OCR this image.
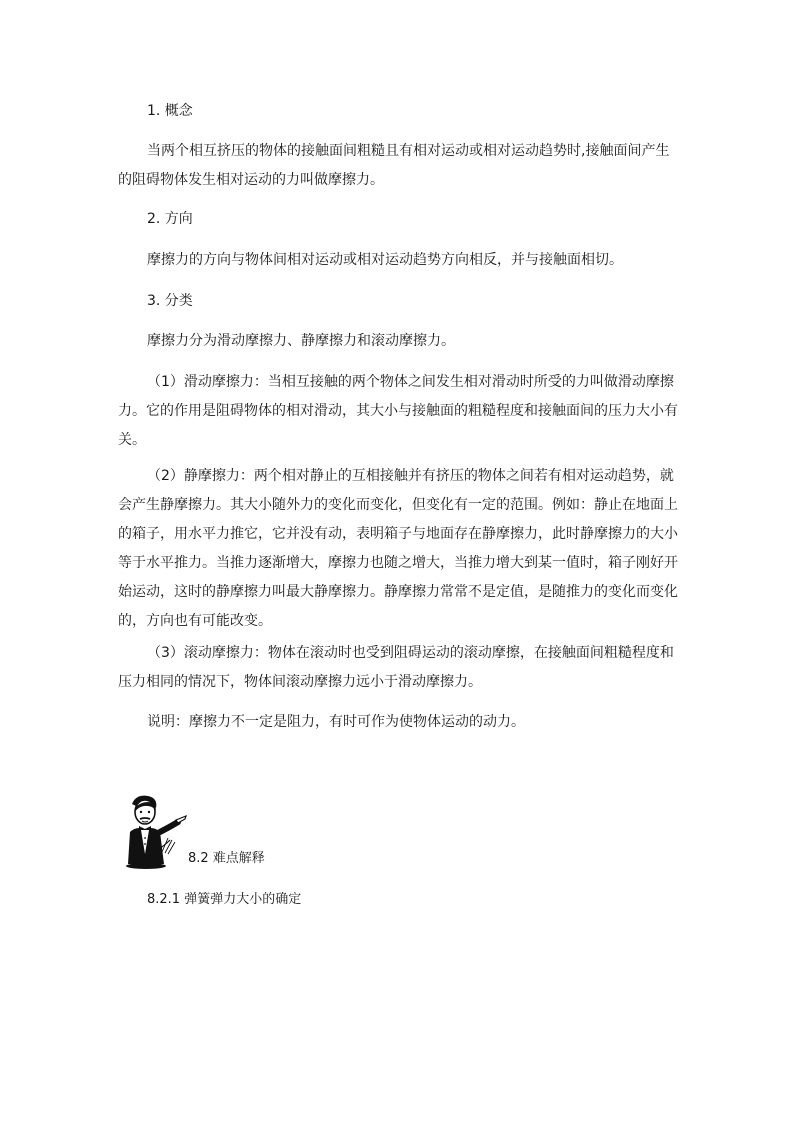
1. 概念
当两个相互挤压的物体的接触面间粗糙且有相对运动或相对运动趋势时,接触面间产生
的阻碍物体发生相对运动的力叫做摩擦力。
2. 方向
摩擦力的方向与物体间相对运动或相对运动趋势方向相反，并与接触面相切。
3. 分类
摩擦力分为滑动摩擦力、静摩擦力和滚动摩擦力。
（1）滑动摩擦力：当相互接触的两个物体之间发生相对滑动时所受的力叫做滑动摩擦
力。它的作用是阻碍物体的相对滑动，其大小与接触面的粗糙程度和接触面间的压力大小有
关。
（2）静摩擦力：两个相对静止的互相接触并有挤压的物体之间若有相对运动趋势，就
会产生静摩擦力。其大小随外力的变化而变化，但变化有一定的范围。例如：静止在地面上
的箱子，用水平力推它，它并没有动，表明箱子与地面存在静摩擦力，此时静摩擦力的大小
等于水平推力。当推力逐渐增大，摩擦力也随之增大，当推力增大到某一值时，箱子刚好开
始运动，这时的静摩擦力叫最大静摩擦力。静摩擦力常常不是定值，是随推力的变化而变化
的，方向也有可能改变。
（3）滚动摩擦力：物体在滚动时也受到阻碍运动的滚动摩擦，在接触面间粗糙程度和
压力相同的情况下，物体间滚动摩擦力远小于滑动摩擦力。
说明：摩擦力不一定是阻力，有时可作为使物体运动的动力。
8.2 难点解释
8.2.1 弹簧弹力大小的确定
